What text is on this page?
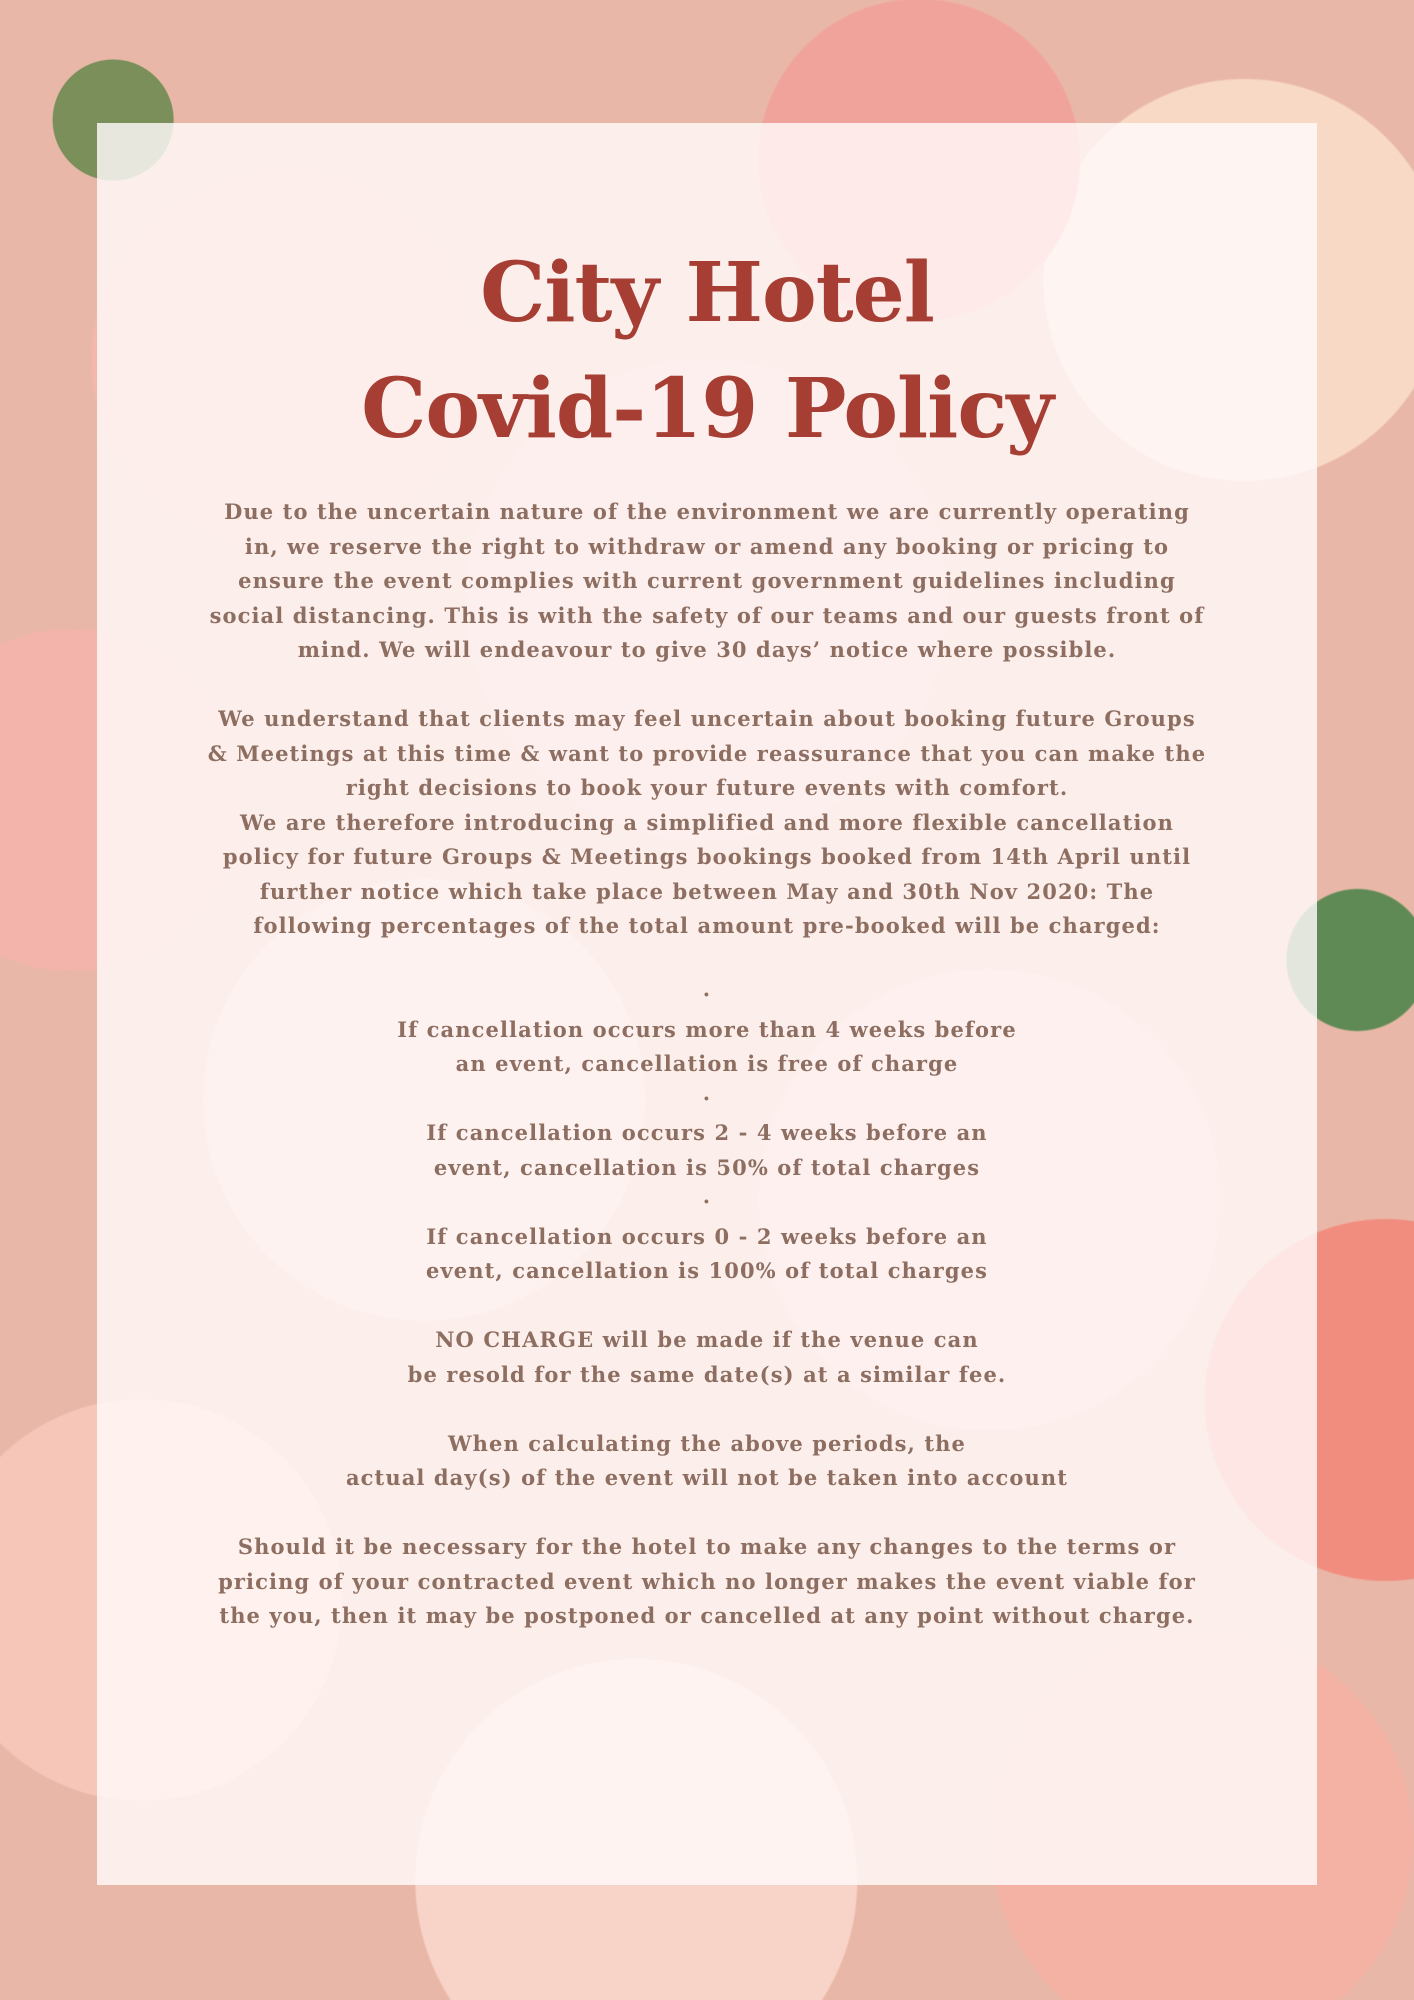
City Hotel
Covid-19 Policy

Due to the uncertain nature of the environment we are currently operating

in, we reserve the right to withdraw or amend any booking or pricing to

ensure the event complies with current government guidelines including

social distancing. This is with the safety of our teams and our guests front of

mind. We will endeavour to give 30 days’ notice where possible.

We understand that clients may feel uncertain about booking future Groups

& Meetings at this time & want to provide reassurance that you can make the

right decisions to book your future events with comfort.

We are therefore introducing a simplified and more flexible cancellation

policy for future Groups & Meetings bookings booked from 14th April until

further notice which take place between May and 30th Nov 2020: The

following percentages of the total amount pre-booked will be charged:

·

If cancellation occurs more than 4 weeks before

an event, cancellation is free of charge

·

If cancellation occurs 2 - 4 weeks before an

event, cancellation is 50% of total charges

·

If cancellation occurs 0 - 2 weeks before an

event, cancellation is 100% of total charges

NO CHARGE will be made if the venue can

be resold for the same date(s) at a similar fee.

When calculating the above periods, the

actual day(s) of the event will not be taken into account

Should it be necessary for the hotel to make any changes to the terms or

pricing of your contracted event which no longer makes the event viable for

the you, then it may be postponed or cancelled at any point without charge.
